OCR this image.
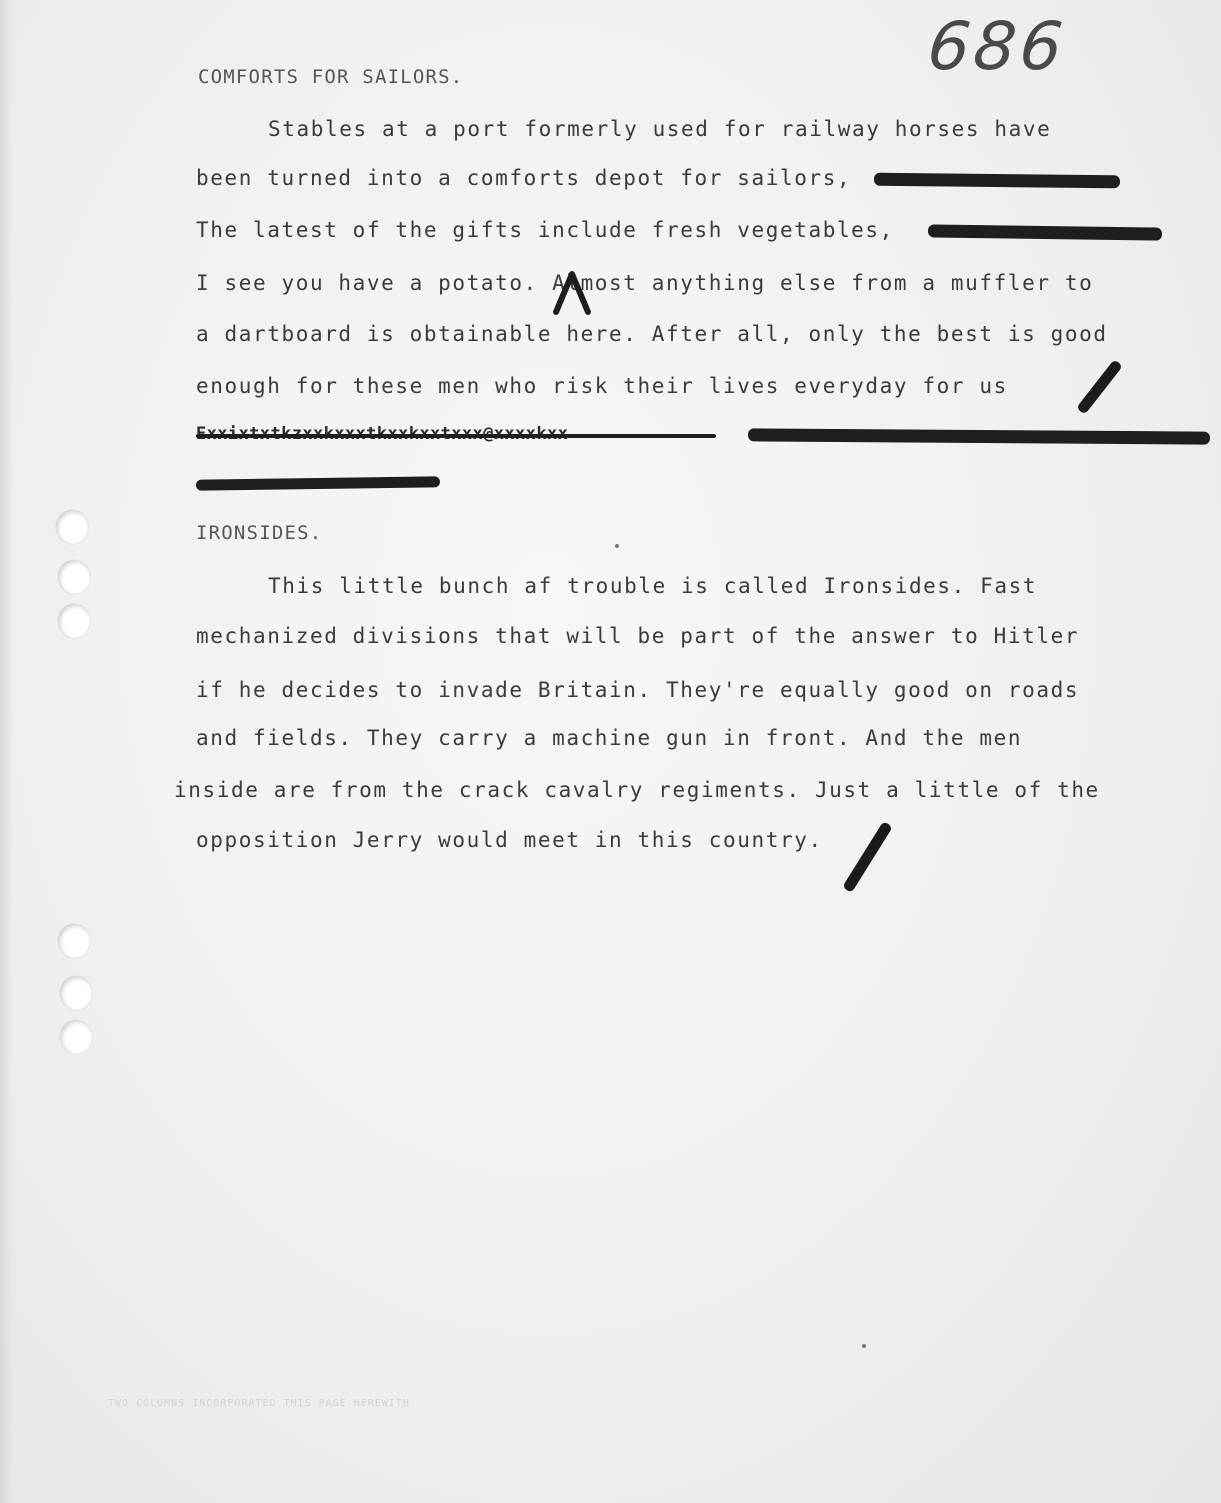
686
COMFORTS FOR SAILORS.
Stables at a port formerly used for railway horses have
been turned into a comforts depot for sailors,
The latest of the gifts include fresh vegetables,
I see you have a potato. Almost anything else from a muffler to
a dartboard is obtainable here. After all, only the best is good
enough for these men who risk their lives everyday for us
IRONSIDES.
This little bunch af trouble is called Ironsides. Fast
mechanized divisions that will be part of the answer to Hitler
if he decides to invade Britain. They're equally good on roads
and fields. They carry a machine gun in front. And the men
inside are from the crack cavalry regiments. Just a little of the
opposition Jerry would meet in this country.
TWO COLUMNS INCORPORATED THIS PAGE HEREWITH
